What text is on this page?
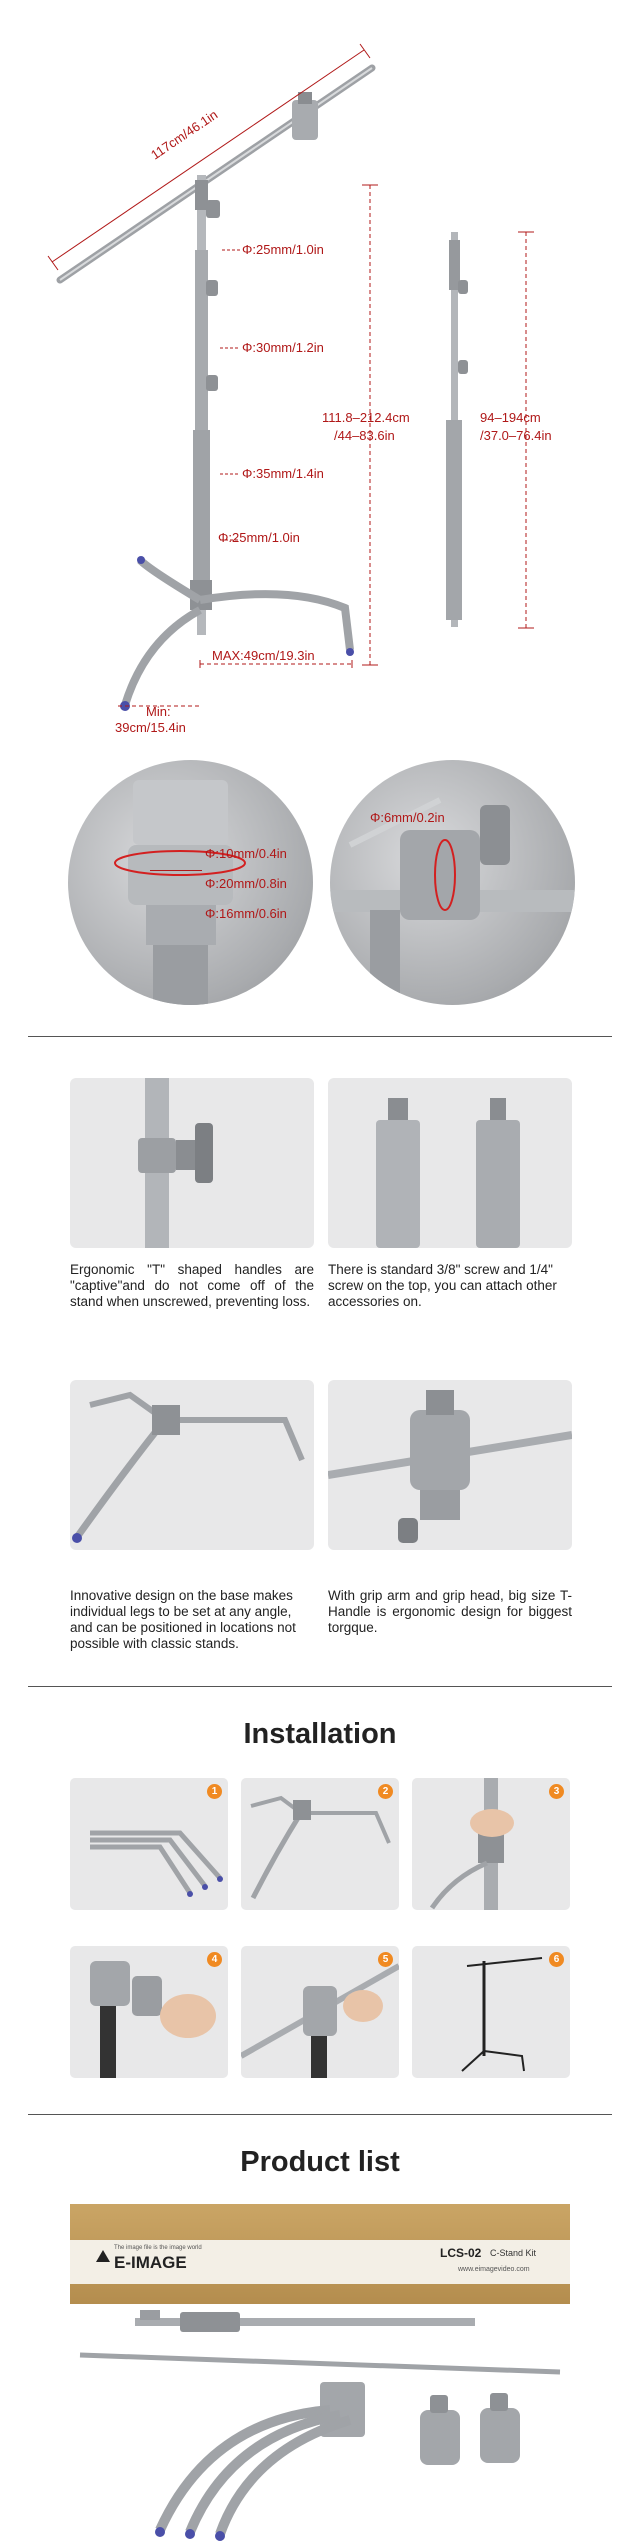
117cm/46.1in
Φ:25mm/1.0in
Φ:30mm/1.2in
Φ:35mm/1.4in
Φ:25mm/1.0in
111.8–212.4cm
/44–83.6in
94–194cm
/37.0–76.4in
MAX:49cm/19.3in
Min:
39cm/15.4in
Φ:10mm/0.4in
Φ:20mm/0.8in
Φ:16mm/0.6in
Φ:6mm/0.2in
Ergonomic "T" shaped handles are "captive"and do not come off of the stand when unscrewed, preventing loss.
There is standard 3/8" screw and 1/4" screw on the top, you can attach other accessories on.
Innovative design on the base makes individual legs to be set at any angle, and can be positioned in locations not possible with classic stands.
With grip arm and grip head, big size T-Handle is ergonomic design for biggest torgque.
Installation
1	2	3
4	5	6
Product list
The image file is the image world
E-IMAGE	LCS-02 C-Stand Kit
www.eimagevideo.com
